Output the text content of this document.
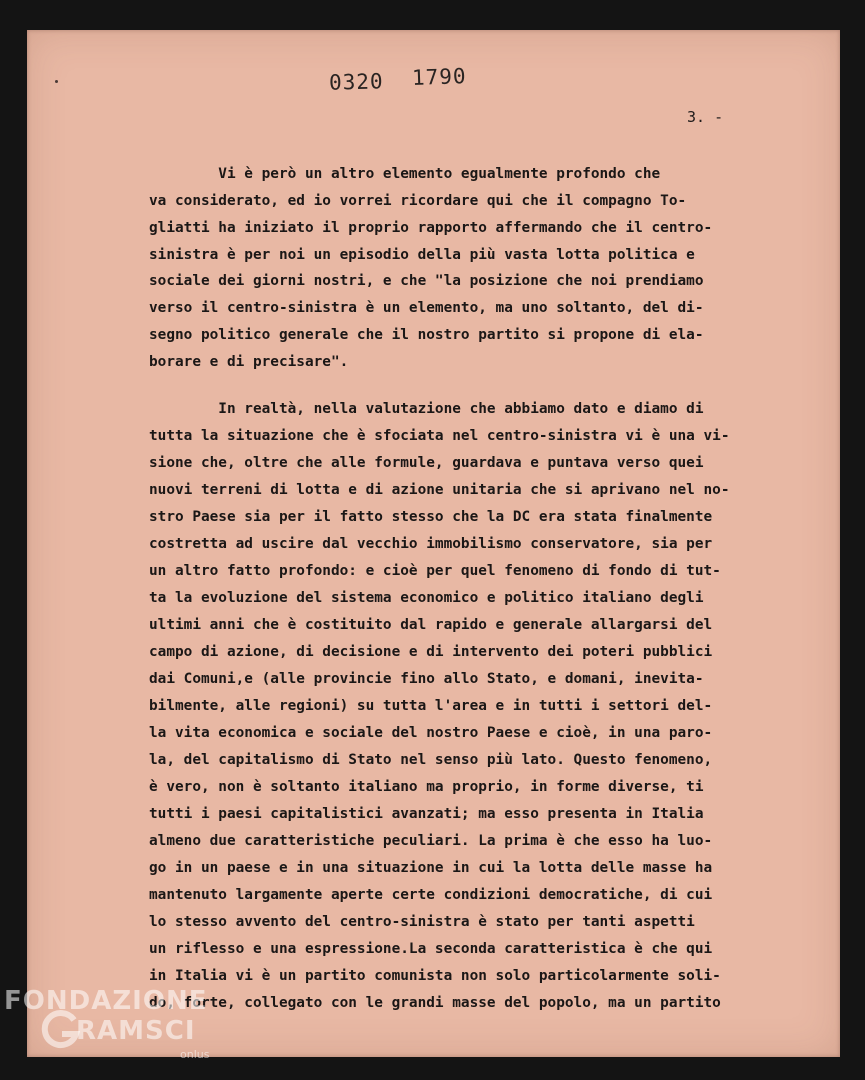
0320 1790
3. -

Vi è però un altro elemento egualmente profondo che

va considerato, ed io vorrei ricordare qui che il compagno To-

gliatti ha iniziato il proprio rapporto affermando che il centro-

sinistra è per noi un episodio della più vasta lotta politica e

sociale dei giorni nostri, e che "la posizione che noi prendiamo

verso il centro-sinistra è un elemento, ma uno soltanto, del di-

segno politico generale che il nostro partito si propone di ela-

borare e di precisare".

In realtà, nella valutazione che abbiamo dato e diamo di

tutta la situazione che è sfociata nel centro-sinistra vi è una vi-

sione che, oltre che alle formule, guardava e puntava verso quei

nuovi terreni di lotta e di azione unitaria che si aprivano nel no-

stro Paese sia per il fatto stesso che la DC era stata finalmente

costretta ad uscire dal vecchio immobilismo conservatore, sia per

un altro fatto profondo: e cioè per quel fenomeno di fondo di tut-

ta la evoluzione del sistema economico e politico italiano degli

ultimi anni che è costituito dal rapido e generale allargarsi del

campo di azione, di decisione e di intervento dei poteri pubblici

dai Comuni,e (alle provincie fino allo Stato, e domani, inevita-

bilmente, alle regioni) su tutta l'area e in tutti i settori del-

la vita economica e sociale del nostro Paese e cioè, in una paro-

la, del capitalismo di Stato nel senso più lato. Questo fenomeno,

è vero, non è soltanto italiano ma proprio, in forme diverse, ti

tutti i paesi capitalistici avanzati; ma esso presenta in Italia

almeno due caratteristiche peculiari. La prima è che esso ha luo-

go in un paese e in una situazione in cui la lotta delle masse ha

mantenuto largamente aperte certe condizioni democratiche, di cui

lo stesso avvento del centro-sinistra è stato per tanti aspetti

un riflesso e una espressione.La seconda caratteristica è che qui

in Italia vi è un partito comunista non solo particolarmente soli-

do, forte, collegato con le grandi masse del popolo, ma un partito

FONDAZIONE
RAMSCI
onlus
